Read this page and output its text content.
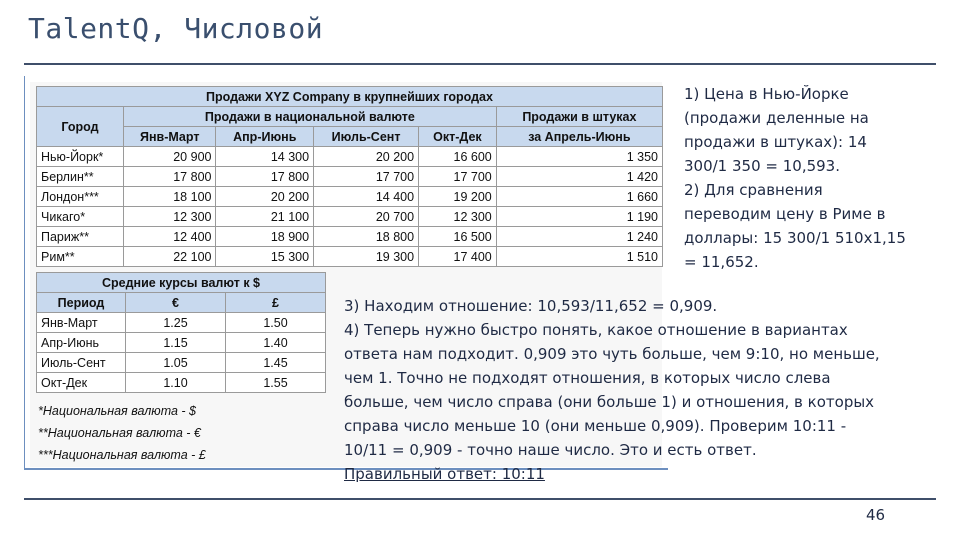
TalentQ, Числовой
Продажи XYZ Company в крупнейших городах					
Город	Продажи в национальной валюте				Продажи в штуках
	Янв-Март	Апр-Июнь	Июль-Сент	Окт-Дек	за Апрель-Июнь
Нью-Йорк*	20 900	14 300	20 200	16 600	1 350
Берлин**	17 800	17 800	17 700	17 700	1 420
Лондон***	18 100	20 200	14 400	19 200	1 660
Чикаго*	12 300	21 100	20 700	12 300	1 190
Париж**	12 400	18 900	18 800	16 500	1 240
Рим**	22 100	15 300	19 300	17 400	1 510
Средние курсы валют к $		
Период	€	£
Янв-Март	1.25	1.50
Апр-Июнь	1.15	1.40
Июль-Сент	1.05	1.45
Окт-Дек	1.10	1.55
*Национальная валюта - $
**Национальная валюта - €
***Национальная валюта - £
1) Цена в Нью-Йорке
(продажи деленные на
продажи в штуках): 14
300/1 350 = 10,593.
2) Для сравнения
переводим цену в Риме в
доллары: 15 300/1 510х1,15
= 11,652.
3) Находим отношение: 10,593/11,652 = 0,909.
4) Теперь нужно быстро понять, какое отношение в вариантах
ответа нам подходит. 0,909 это чуть больше, чем 9:10, но меньше,
чем 1. Точно не подходят отношения, в которых число слева
больше, чем число справа (они больше 1) и отношения, в которых
справа число меньше 10 (они меньше 0,909). Проверим 10:11 -
10/11 = 0,909 - точно наше число. Это и есть ответ.
Правильный ответ: 10:11
46
